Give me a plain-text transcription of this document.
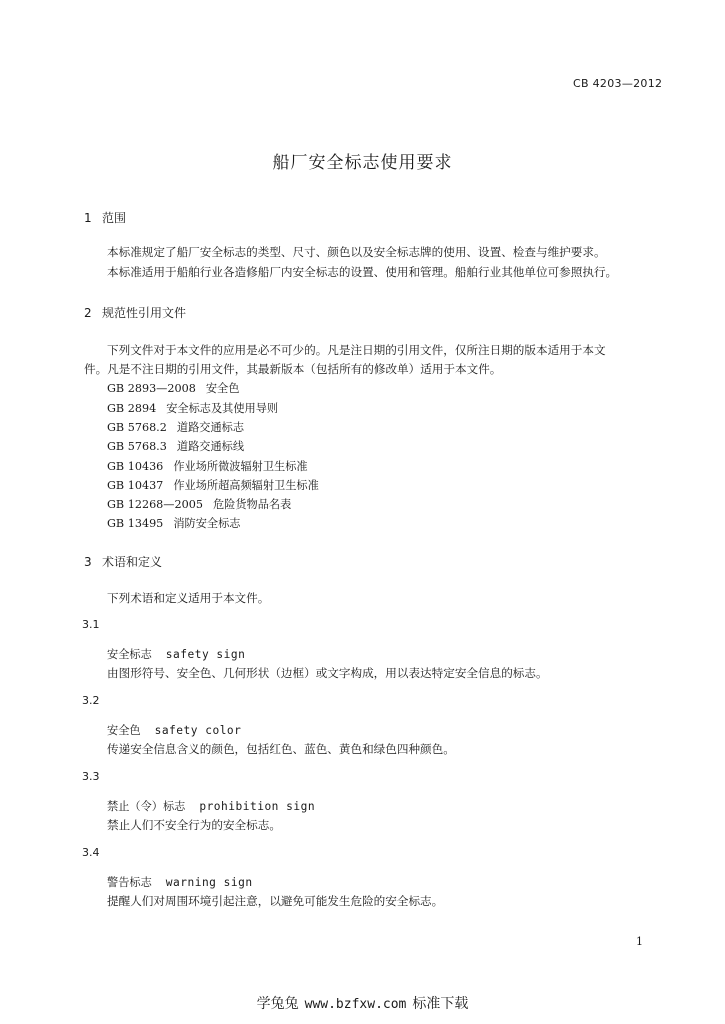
CB 4203—2012
船厂安全标志使用要求
1 范围
本标准规定了船厂安全标志的类型、尺寸、颜色以及安全标志牌的使用、设置、检查与维护要求。
本标准适用于船舶行业各造修船厂内安全标志的设置、使用和管理。船舶行业其他单位可参照执行。
2 规范性引用文件
下列文件对于本文件的应用是必不可少的。凡是注日期的引用文件，仅所注日期的版本适用于本文
件。凡是不注日期的引用文件，其最新版本（包括所有的修改单）适用于本文件。
GB 2893—2008 安全色
GB 2894 安全标志及其使用导则
GB 5768.2 道路交通标志
GB 5768.3 道路交通标线
GB 10436 作业场所微波辐射卫生标准
GB 10437 作业场所超高频辐射卫生标准
GB 12268—2005 危险货物品名表
GB 13495 消防安全标志
3 术语和定义
下列术语和定义适用于本文件。
3.1
安全标志 safety sign
由图形符号、安全色、几何形状（边框）或文字构成，用以表达特定安全信息的标志。
3.2
安全色 safety color
传递安全信息含义的颜色，包括红色、蓝色、黄色和绿色四种颜色。
3.3
禁止（令）标志 prohibition sign
禁止人们不安全行为的安全标志。
3.4
警告标志 warning sign
提醒人们对周围环境引起注意，以避免可能发生危险的安全标志。
1
学兔兔 www.bzfxw.com 标准下载
